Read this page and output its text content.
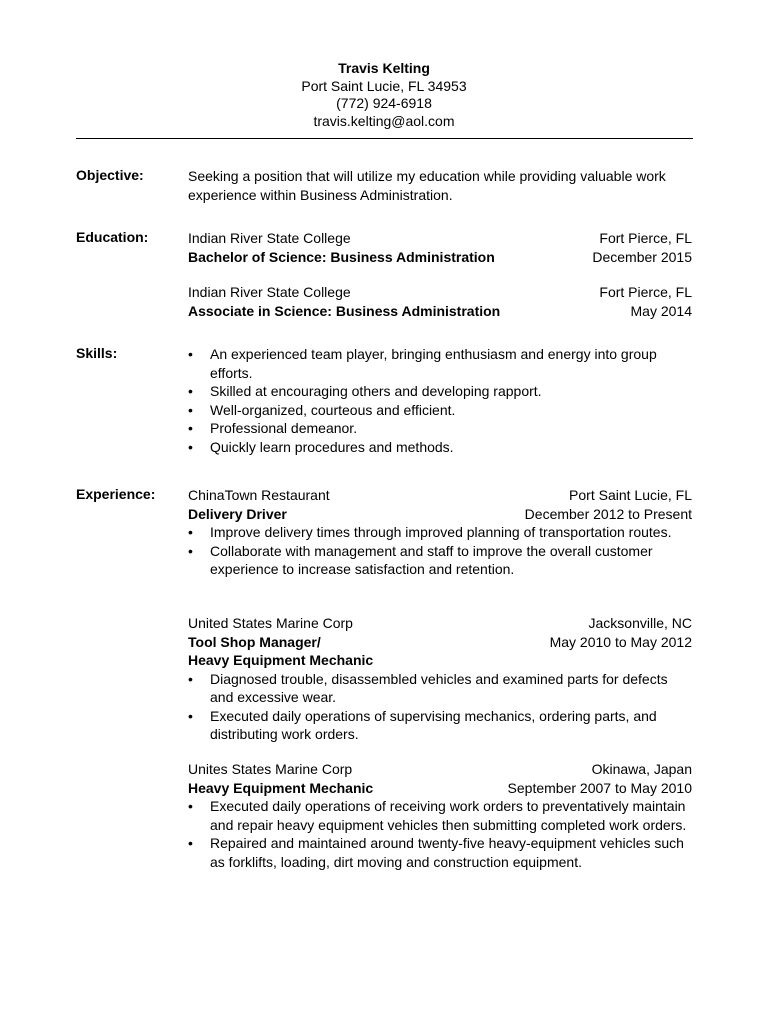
Travis Kelting
Port Saint Lucie, FL 34953
(772) 924-6918
travis.kelting@aol.com
Objective:	Seeking a position that will utilize my education while providing valuable work experience within Business Administration.
Education:	Indian River State College	Fort Pierce, FL
Bachelor of Science: Business Administration	December 2015
Indian River State College	Fort Pierce, FL
Associate in Science: Business Administration	May 2014
Skills:
•	An experienced team player, bringing enthusiasm and energy into group efforts.
• Skilled at encouraging others and developing rapport.
• Well-organized, courteous and efficient.
• Professional demeanor.
• Quickly learn procedures and methods.
Experience: ChinaTown Restaurant	Port Saint Lucie, FL
Delivery Driver	December 2012 to Present
• Improve delivery times through improved planning of transportation routes.
• Collaborate with management and staff to improve the overall customer experience to increase satisfaction and retention.
United States Marine Corp	Jacksonville, NC
Tool Shop Manager/	May 2010 to May 2012
Heavy Equipment Mechanic
• Diagnosed trouble, disassembled vehicles and examined parts for defects and excessive wear.
• Executed daily operations of supervising mechanics, ordering parts, and distributing work orders.
Unites States Marine Corp	Okinawa, Japan
Heavy Equipment Mechanic	September 2007 to May 2010
• Executed daily operations of receiving work orders to preventatively maintain and repair heavy equipment vehicles then submitting completed work orders.
• Repaired and maintained around twenty-five heavy-equipment vehicles such as forklifts, loading, dirt moving and construction equipment.
